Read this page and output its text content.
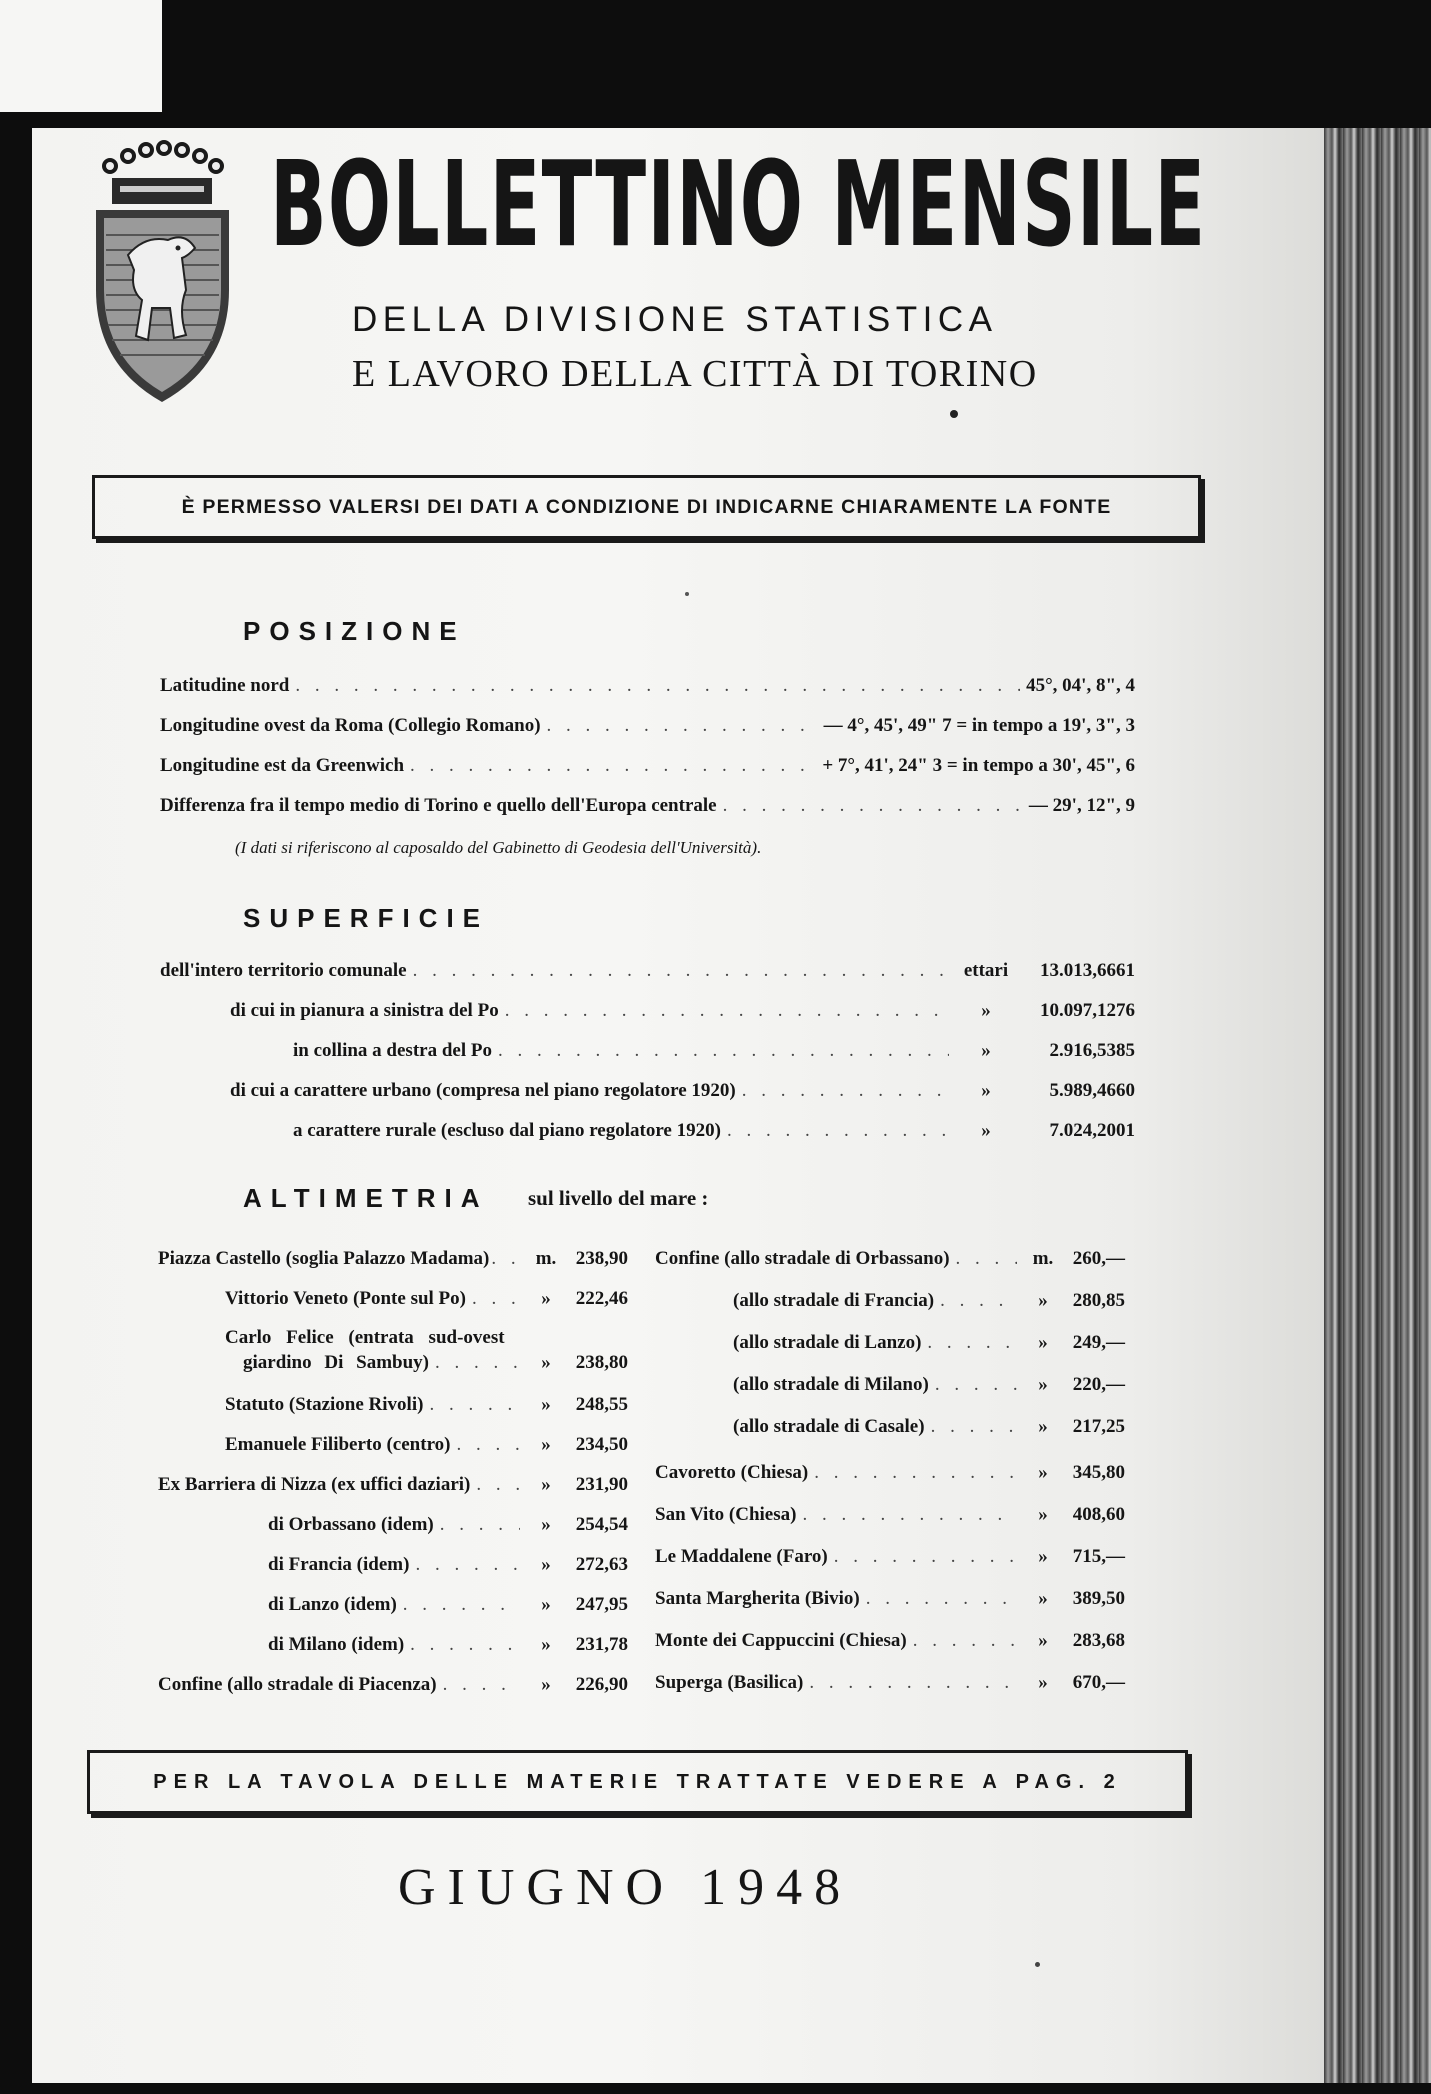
BOLLETTINO MENSILE
DELLA DIVISIONE STATISTICA
E LAVORO DELLA CITTÀ DI TORINO
È PERMESSO VALERSI DEI DATI A CONDIZIONE DI INDICARNE CHIARAMENTE LA FONTE
POSIZIONE
Latitudine nord . . .	45°, 04', 8", 4
Longitudine ovest da Roma (Collegio Romano) . . .	— 4°, 45', 49" 7 = in tempo a 19', 3", 3
Longitudine est da Greenwich . . .	+ 7°, 41', 24" 3 = in tempo a 30', 45", 6
Differenza fra il tempo medio di Torino e quello dell'Europa centrale . . .	— 29', 12", 9
(I dati si riferiscono al caposaldo del Gabinetto di Geodesia dell'Università).
SUPERFICIE
dell'intero territorio comunale . . .	ettari	13.013,6661
di cui in pianura a sinistra del Po . . .	»	10.097,1276
in collina a destra del Po . . .	»	2.916,5385
di cui a carattere urbano (compresa nel piano regolatore 1920) . . .	»	5.989,4660
a carattere rurale (escluso dal piano regolatore 1920) . . .	»	7.024,2001
ALTIMETRIA sul livello del mare :
Piazza Castello (soglia Palazzo Madama) . . .	m.	238,90
Vittorio Veneto (Ponte sul Po) . . .	»	222,46
Carlo Felice (entrata sud-ovest
giardino Di Sambuy) . . .	»	238,80
Statuto (Stazione Rivoli) . . .	»	248,55
Emanuele Filiberto (centro) . . .	»	234,50
Ex Barriera di Nizza (ex uffici daziari) . . .	»	231,90
di Orbassano (idem) . . .	»	254,54
di Francia (idem) . . .	»	272,63
di Lanzo (idem) . . .	»	247,95
di Milano (idem) . . .	»	231,78
Confine (allo stradale di Piacenza) . . .	»	226,90
Confine (allo stradale di Orbassano) . . .	m.	260,—
(allo stradale di Francia) . . .	»	280,85
(allo stradale di Lanzo) . . .	»	249,—
(allo stradale di Milano) . . .	»	220,—
(allo stradale di Casale) . . .	»	217,25
Cavoretto (Chiesa) . . .	»	345,80
San Vito (Chiesa) . . .	»	408,60
Le Maddalene (Faro) . . .	»	715,—
Santa Margherita (Bivio) . . .	»	389,50
Monte dei Cappuccini (Chiesa) . . .	»	283,68
Superga (Basilica) . . .	»	670,—
PER LA TAVOLA DELLE MATERIE TRATTATE VEDERE A PAG. 2
GIUGNO 1948
